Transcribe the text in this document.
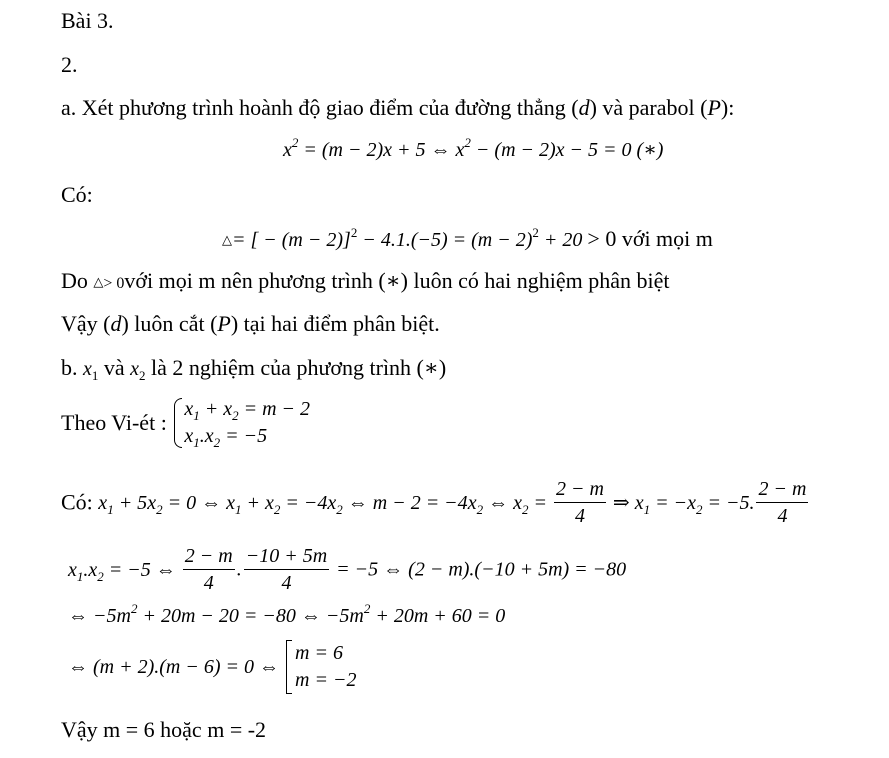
Bài 3.
2.
a. Xét phương trình hoành độ giao điểm của đường thẳng (d) và parabol (P):
$x^2 = (m - 2)x + 5$ ⇔ $x^2 - (m - 2)x - 5 = 0$ (∗)
Có:
△= [ − $(m - 2)]^2 - 4.1.(-5) = (m - 2)^2 + 20 > 0$ với mọi m
Do △> 0với mọi m nên phương trình (∗) luôn có hai nghiệm phân biệt
Vậy (d) luôn cắt (P) tại hai điểm phân biệt.
b. $x_1$ và $x_2$ là 2 nghiệm của phương trình (∗)
Theo Vi-ét :
$x_1 + x_2 = m - 2$
$x_1.x_2 = -5$
Có: $x_1 + 5x_2 = 0$ ⇔ $x_1 + x_2 = -4x_2$ ⇔ $m - 2 = -4x_2$ ⇔ $x_2 = \frac{2 - m}{4}$ ⇒ $x_1 = -x_2 = -5$. $\frac{2 - m}{4}$
$x_1.x_2 = -5$ ⇔ $\frac{2 - m}{4}$ . $\frac{-10 + 5m}{4} = -5$ ⇔ (2 − m).(−10 + 5m) = −80
⇔ $-5m^2 + 20m - 20 = -80$ ⇔ $-5m^2 + 20m + 60 = 0$
⇔ (m + 2).(m − 6) = 0 ⇔
m = 6
m = −2
Vậy m = 6 hoặc m = -2
